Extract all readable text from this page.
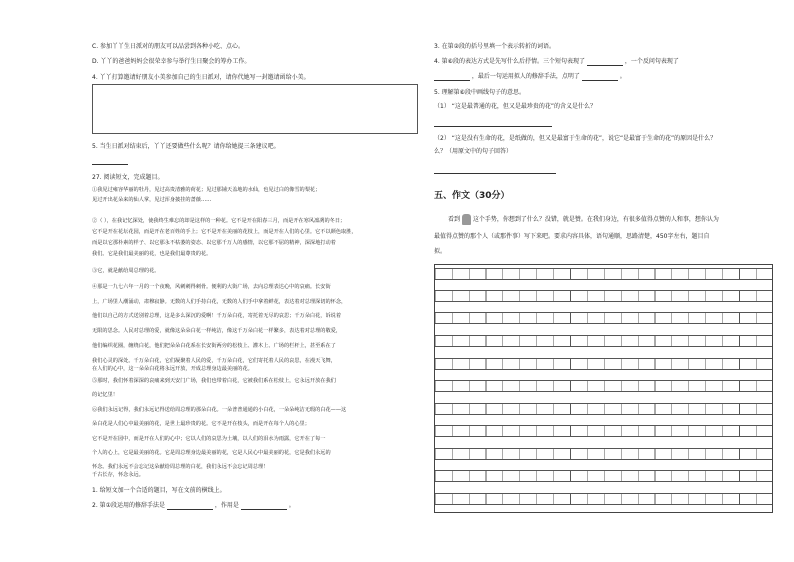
C. 参加丫丫生日派对的朋友可以品尝到各种小吃、点心。
D. 丫丫的爸爸妈妈会很荣幸参与举行生日聚会的筹办工作。
4. 丫丫打算邀请好朋友小美参加自己的生日派对，请你代她写一封邀请函给小美。
5. 当生日派对结束后，丫丫还要做些什么呢？请你给她提三条建议吧。
27. 阅读短文，完成题目。
①我见过雍容华丽的牡丹，见过高贵清雅的荷花；见过那铺天盖地的水仙，也见过白的像雪的梨花；
见过开出花朵来的仙人掌，见过浑身披挂的蔷薇……
②（ ），在我记忆深处，使我终生难忘的却是这样的一种花。它不是开在阳春三月，而是开在寒风凛冽的冬日；
它不是开在花坛花园，而是开在老百姓的手上；它不是开在美丽的花枝上，而是开在人们的心里。它不以颜色取胜，
而是以它那朴素的样子、以它那永不枯萎的姿态、以它那千万人的感情，以它那不屈的精神，深深地打动着
我们。它是我们最美丽的花，也是我们最尊贵的花。
③它，就是献给周总理的花。
④那是一九七六年一月的一个夜晚，风刺刺得刺骨。便利的大街广场，去向总理表达心中的哀痛。长安街
上，广场里人潮涌动，肃穆寂静。无数的人们手持白花，无数的人们手中拿着鲜花，表达着对总理深切的怀念，
他们以自己的方式送别着总理，这是多么深沉的爱啊！千万朵白花，寄托着无尽的哀思；千万朵白花，诉说着
无限的思念。人民对总理的爱，就像这朵朵白花一样纯洁，像这千万朵白花一样繁多，表达着对总理的敬爱，
他们编织花圈，缠绕白花，他们把朵朵白花系在长安街两旁的松枝上、灌木上、广场的栏杆上，甚至系在了
我们心灵的深处。千万朵白花，它们凝聚着人民的爱，千万朵白花，它们寄托着人民的哀思，在漫天飞舞，
在人们的心中，这一朵朵白花将永远开放，开成总理身边最美丽的花。
⑤那时，我们怀着深深的哀痛来到天安门广场，我们也带着白花，它被我们系在松枝上，它永远开放在我们
的记忆里！
⑥我们永远记得，我们永远记得送给周总理的那朵白花。一朵普普通通的小白花，一朵朵纯洁无瑕的白花——这
朵白花是人们心中最美丽的花，是世上最珍贵的花。它不是开在枝头，而是开在每个人的心里；
它不是开在园中，而是开在人们的心中；它以人们的哀思为土壤，以人们的泪水为雨露，它开在了每一
个人的心上，它是最美丽的花。它是周总理身边最美丽的花，它是人民心中最美丽的花，它是我们永远的
怀念。我们永远不会忘记这朵献给周总理的白花，我们永远不会忘记周总理！
千古长存，怀念永远。
1. 给短文加一个合适的题目，写在文前的横线上。
2. 第①段运用的修辞手法是	，作用是	。
3. 在第②段的括号里填一个表示转折的词语。
4. 第⑥段的表达方式是先写什么后抒情。三个短句表现了	，一个反问句表现了
，最后一句运用拟人的修辞手法，点明了	。
5. 理解第⑥段中画线句子的意思。
（1） “这是最普通的花，但又是最珍贵的花”的含义是什么？
（2） “这是没有生命的花，是纸做的，但又是最富于生命的花”，说它“是最富于生命的花”的原因是什么？
么？（用原文中的句子回答）
五、作文（30分）
看到 这个手势，你想到了什么？没错，就是赞。在我们身边，有很多值得点赞的人和事，想你认为
最值得点赞的那个人（或那件事）写下来吧。要求内容具体，语句通顺，思路清楚，450字左右，题目自
拟。
